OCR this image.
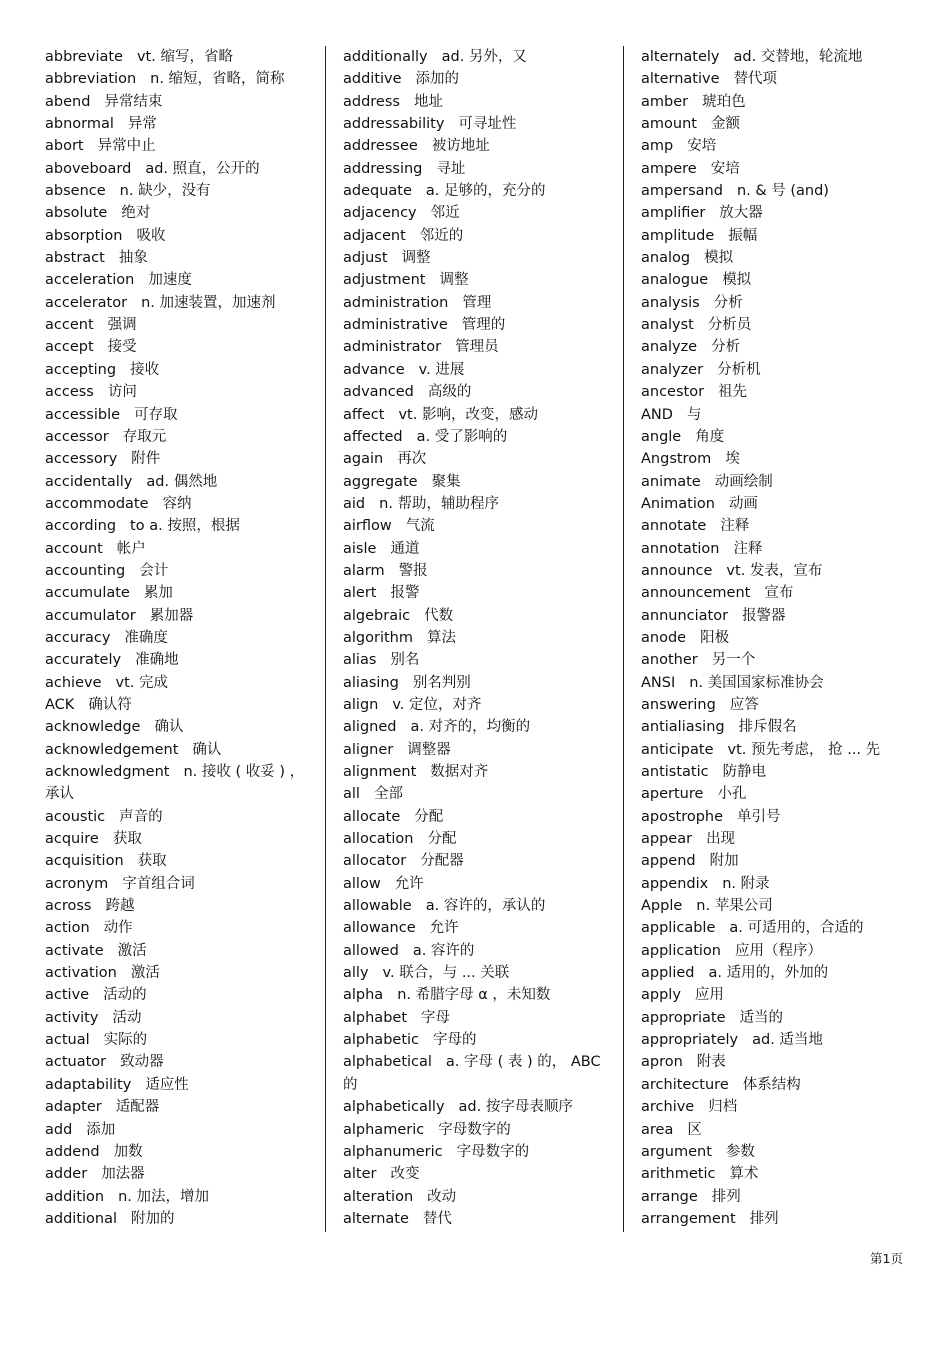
abbreviate vt. 缩写，省略
abbreviation n. 缩短，省略，简称
abend 异常结束
abnormal 异常
abort 异常中止
aboveboard ad. 照直，公开的
absence n. 缺少，没有
absolute 绝对
absorption 吸收
abstract 抽象
acceleration 加速度
accelerator n. 加速装置，加速剂
accent 强调
accept 接受
accepting 接收
access 访问
accessible 可存取
accessor 存取元
accessory 附件
accidentally ad. 偶然地
accommodate 容纳
according to a. 按照，根据
account 帐户
accounting 会计
accumulate 累加
accumulator 累加器
accuracy 准确度
accurately 准确地
achieve vt. 完成
ACK 确认符
acknowledge 确认
acknowledgement 确认
acknowledgment n. 接收 ( 收妥 ) ，承认
acoustic 声音的
acquire 获取
acquisition 获取
acronym 字首组合词
across 跨越
action 动作
activate 激活
activation 激活
active 活动的
activity 活动
actual 实际的
actuator 致动器
adaptability 适应性
adapter 适配器
add 添加
addend 加数
adder 加法器
addition n. 加法，增加
additional 附加的
additionally ad. 另外，又
additive 添加的
address 地址
addressability 可寻址性
addressee 被访地址
addressing 寻址
adequate a. 足够的，充分的
adjacency 邻近
adjacent 邻近的
adjust 调整
adjustment 调整
administration 管理
administrative 管理的
administrator 管理员
advance v. 进展
advanced 高级的
affect vt. 影响，改变，感动
affected a. 受了影响的
again 再次
aggregate 聚集
aid n. 帮助，辅助程序
airflow 气流
aisle 通道
alarm 警报
alert 报警
algebraic 代数
algorithm 算法
alias 别名
aliasing 别名判别
align v. 定位，对齐
aligned a. 对齐的，均衡的
aligner 调整器
alignment 数据对齐
all 全部
allocate 分配
allocation 分配
allocator 分配器
allow 允许
allowable a. 容许的，承认的
allowance 允许
allowed a. 容许的
ally v. 联合，与 ... 关联
alpha n. 希腊字母 α ，未知数
alphabet 字母
alphabetic 字母的
alphabetical a. 字母 ( 表 ) 的， ABC 的
alphabetically ad. 按字母表顺序
alphameric 字母数字的
alphanumeric 字母数字的
alter 改变
alteration 改动
alternate 替代
alternately ad. 交替地，轮流地
alternative 替代项
amber 琥珀色
amount 金额
amp 安培
ampere 安培
ampersand n. & 号 (and)
amplifier 放大器
amplitude 振幅
analog 模拟
analogue 模拟
analysis 分析
analyst 分析员
analyze 分析
analyzer 分析机
ancestor 祖先
AND 与
angle 角度
Angstrom 埃
animate 动画绘制
Animation 动画
annotate 注释
annotation 注释
announce vt. 发表，宣布
announcement 宣布
annunciator 报警器
anode 阳极
another 另一个
ANSI n. 美国国家标准协会
answering 应答
antialiasing 排斥假名
anticipate vt. 预先考虑， 抢 ... 先
antistatic 防静电
aperture 小孔
apostrophe 单引号
appear 出现
append 附加
appendix n. 附录
Apple n. 苹果公司
applicable a. 可适用的，合适的
application 应用（程序）
applied a. 适用的，外加的
apply 应用
appropriate 适当的
appropriately ad. 适当地
apron 附表
architecture 体系结构
archive 归档
area 区
argument 参数
arithmetic 算术
arrange 排列
arrangement 排列
第1页
